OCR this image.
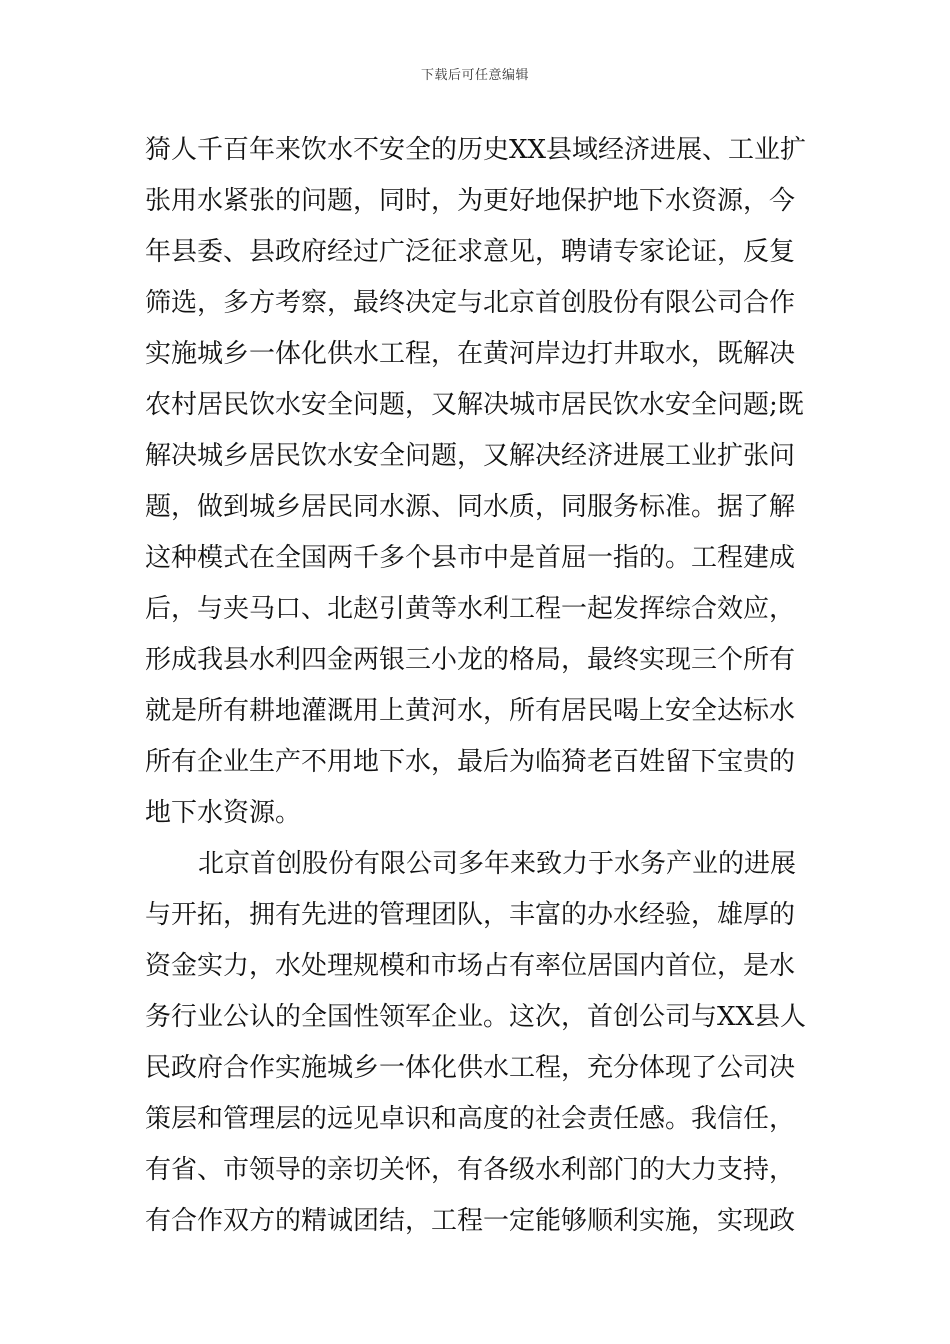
下载后可任意编辑
猗人千百年来饮水不安全的历史XX县域经济进展、工业扩
张用水紧张的问题，同时，为更好地保护地下水资源，今
年县委、县政府经过广泛征求意见，聘请专家论证，反复
筛选，多方考察，最终决定与北京首创股份有限公司合作
实施城乡一体化供水工程，在黄河岸边打井取水，既解决
农村居民饮水安全问题，又解决城市居民饮水安全问题;既
解决城乡居民饮水安全问题，又解决经济进展工业扩张问
题，做到城乡居民同水源、同水质，同服务标准。据了解
这种模式在全国两千多个县市中是首屈一指的。工程建成
后，与夹马口、北赵引黄等水利工程一起发挥综合效应，
形成我县水利四金两银三小龙的格局，最终实现三个所有
就是所有耕地灌溉用上黄河水，所有居民喝上安全达标水
所有企业生产不用地下水，最后为临猗老百姓留下宝贵的
地下水资源。
北京首创股份有限公司多年来致力于水务产业的进展
与开拓，拥有先进的管理团队，丰富的办水经验，雄厚的
资金实力，水处理规模和市场占有率位居国内首位，是水
务行业公认的全国性领军企业。这次，首创公司与XX县人
民政府合作实施城乡一体化供水工程，充分体现了公司决
策层和管理层的远见卓识和高度的社会责任感。我信任，
有省、市领导的亲切关怀，有各级水利部门的大力支持，
有合作双方的精诚团结，工程一定能够顺利实施，实现政
